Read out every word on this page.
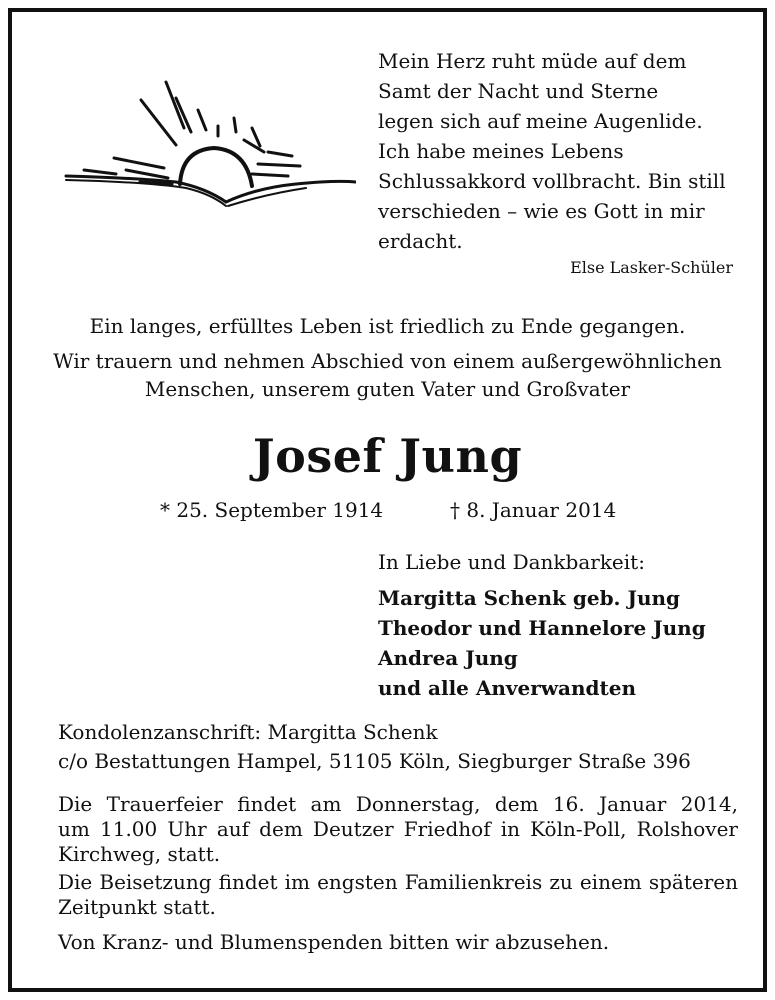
Mein Herz ruht müde auf dem
Samt der Nacht und Sterne
legen sich auf meine Augenlide.
Ich habe meines Lebens
Schlussakkord vollbracht. Bin still
verschieden – wie es Gott in mir
erdacht.
Else Lasker-Schüler
Ein langes, erfülltes Leben ist friedlich zu Ende gegangen.
Wir trauern und nehmen Abschied von einem außergewöhnlichen
Menschen, unserem guten Vater und Großvater
Josef Jung
* 25. September 1914	† 8. Januar 2014
In Liebe und Dankbarkeit:
Margitta Schenk geb. Jung
Theodor und Hannelore Jung
Andrea Jung
und alle Anverwandten
Kondolenzanschrift: Margitta Schenk
c/o Bestattungen Hampel, 51105 Köln, Siegburger Straße 396
Die Trauerfeier findet am Donnerstag, dem 16. Januar 2014,
um 11.00 Uhr auf dem Deutzer Friedhof in Köln-Poll, Rolshover
Kirchweg, statt.
Die Beisetzung findet im engsten Familienkreis zu einem späteren
Zeitpunkt statt.
Von Kranz- und Blumenspenden bitten wir abzusehen.
